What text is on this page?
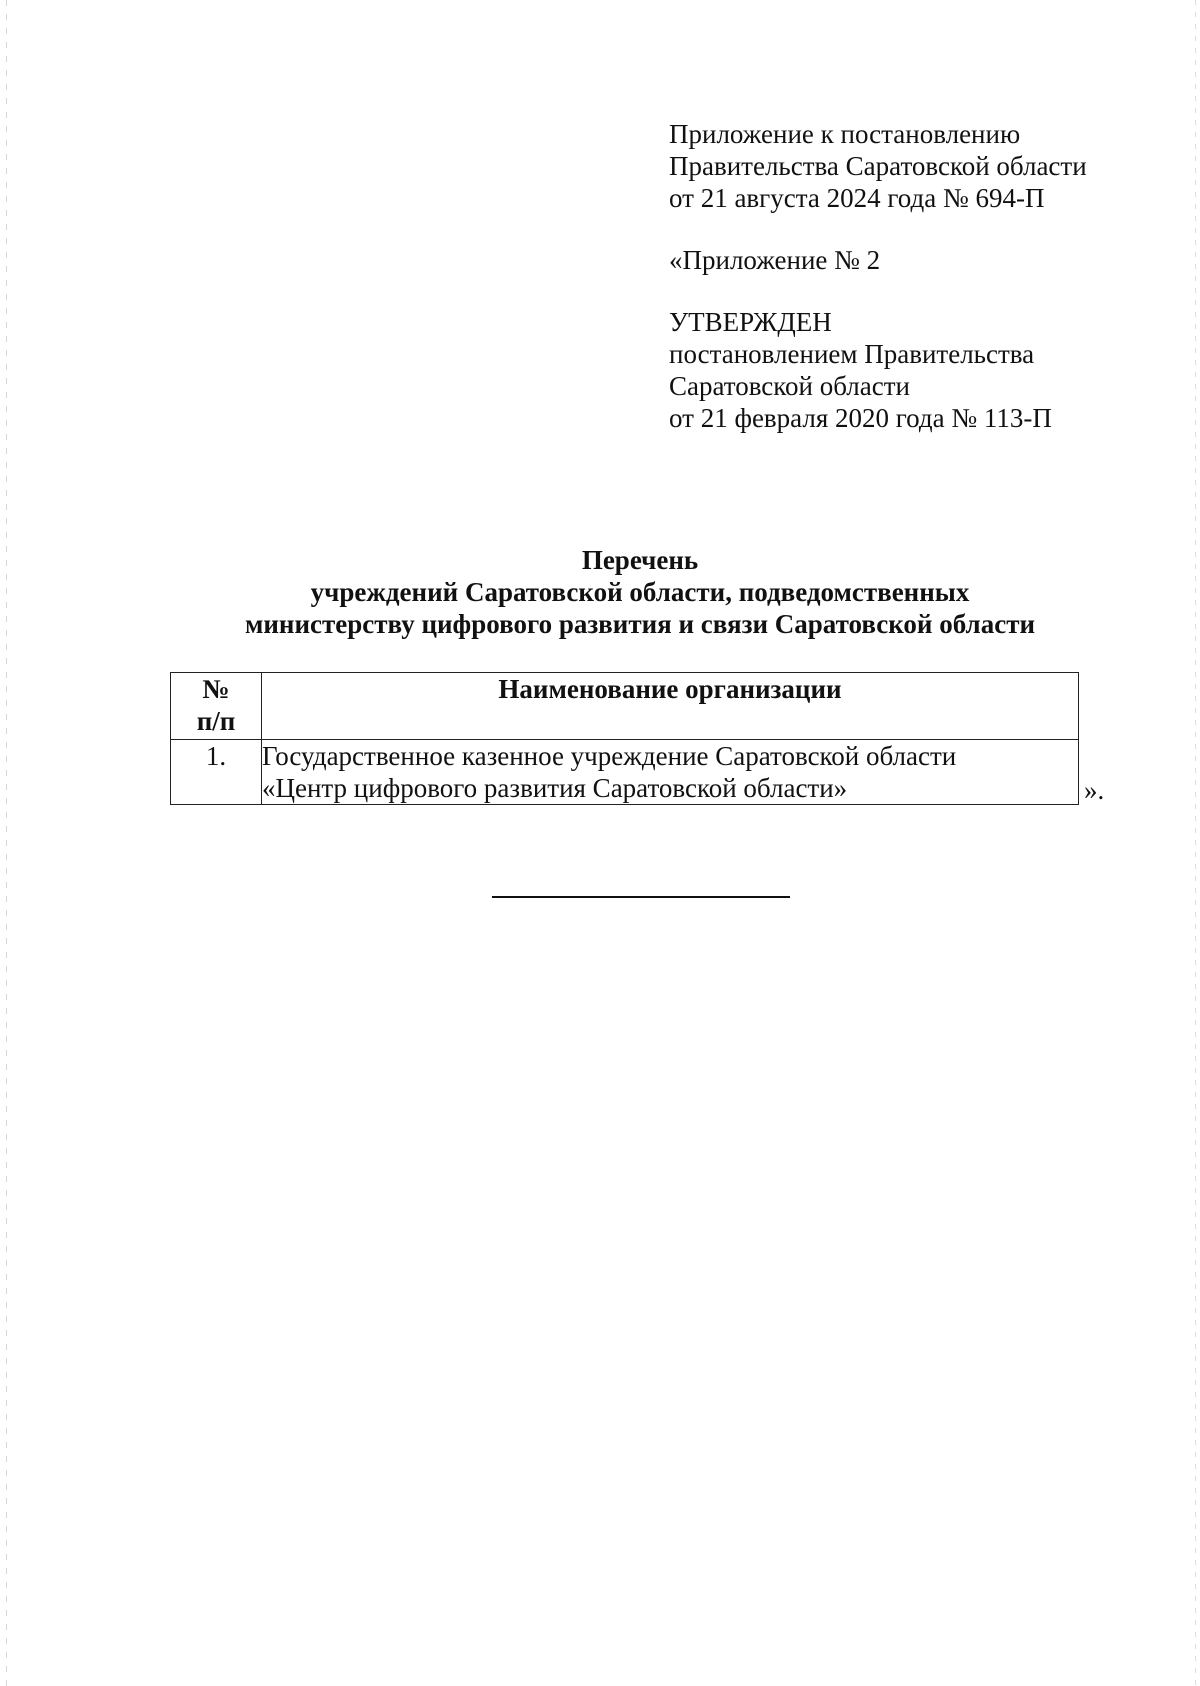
Приложение к постановлению
Правительства Саратовской области
от 21 августа 2024 года № 694-П
«Приложение № 2
УТВЕРЖДЕН
постановлением Правительства
Саратовской области
от 21 февраля 2020 года № 113-П
Перечень
учреждений Саратовской области, подведомственных
министерству цифрового развития и связи Саратовской области
№
п/п	Наименование организации
1.	Государственное казенное учреждение Саратовской области
«Центр цифрового развития Саратовской области»	».
